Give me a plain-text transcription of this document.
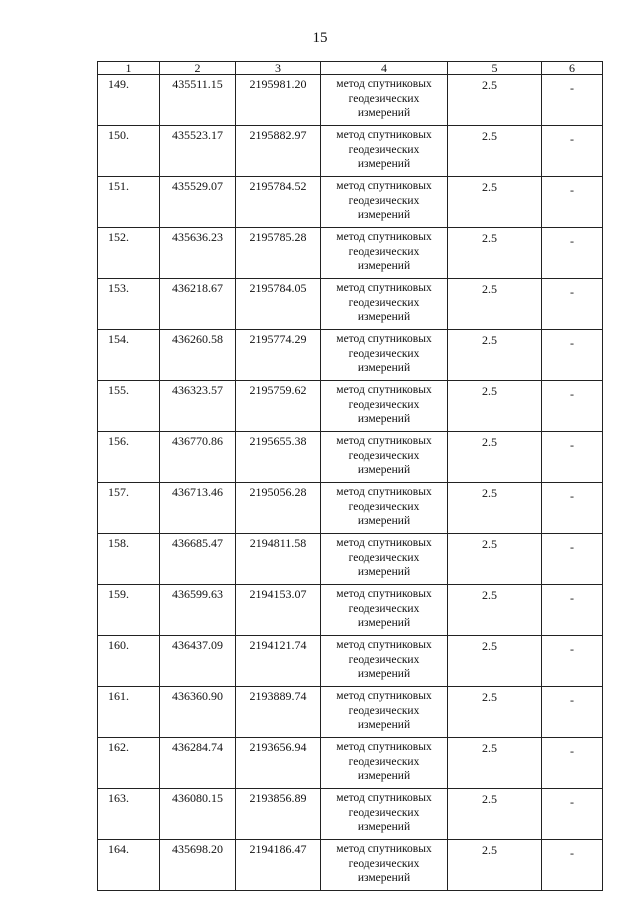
15
1	2	3	4	5	6
149.	435511.15	2195981.20	метод спутниковых
геодезических
измерений	2.5	-
150.	435523.17	2195882.97	метод спутниковых
геодезических
измерений	2.5	-
151.	435529.07	2195784.52	метод спутниковых
геодезических
измерений	2.5	-
152.	435636.23	2195785.28	метод спутниковых
геодезических
измерений	2.5	-
153.	436218.67	2195784.05	метод спутниковых
геодезических
измерений	2.5	-
154.	436260.58	2195774.29	метод спутниковых
геодезических
измерений	2.5	-
155.	436323.57	2195759.62	метод спутниковых
геодезических
измерений	2.5	-
156.	436770.86	2195655.38	метод спутниковых
геодезических
измерений	2.5	-
157.	436713.46	2195056.28	метод спутниковых
геодезических
измерений	2.5	-
158.	436685.47	2194811.58	метод спутниковых
геодезических
измерений	2.5	-
159.	436599.63	2194153.07	метод спутниковых
геодезических
измерений	2.5	-
160.	436437.09	2194121.74	метод спутниковых
геодезических
измерений	2.5	-
161.	436360.90	2193889.74	метод спутниковых
геодезических
измерений	2.5	-
162.	436284.74	2193656.94	метод спутниковых
геодезических
измерений	2.5	-
163.	436080.15	2193856.89	метод спутниковых
геодезических
измерений	2.5	-
164.	435698.20	2194186.47	метод спутниковых
геодезических
измерений	2.5	-
